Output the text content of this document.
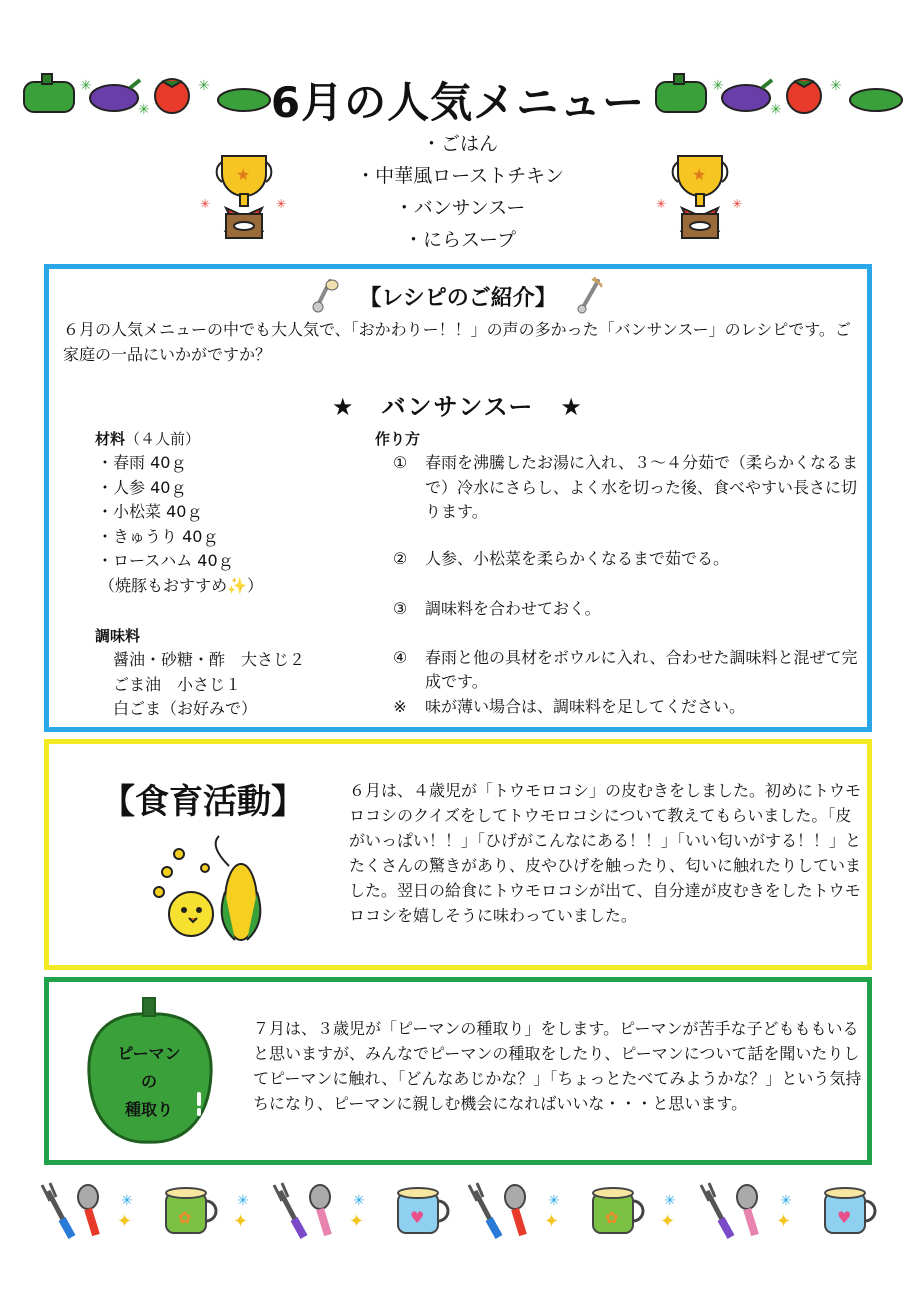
✳
✳
✳ 6月の人気メニュー	✳
✳
✳
・ごはん
・中華風ローストチキン
・バンサンスー
・にらスープ
★
✳	✳
★
✳	✳
【レシピのご紹介】
６月の人気メニューの中でも大人気で、「おかわりー！！」の声の多かった「バンサンスー」のレシピです。ご家庭の一品にいかがですか？
★　バンサンスー　★
材料（４人前）
・春雨 40ｇ
・人参 40ｇ
・小松菜 40ｇ
・きゅうり 40ｇ
・ロースハム 40ｇ
（焼豚もおすすめ✨）
調味料
醤油・砂糖・酢　大さじ２
ごま油　小さじ１
白ごま（お好みで）
作り方
①	春雨を沸騰したお湯に入れ、３〜４分茹で（柔らかくなるまで）冷水にさらし、よく水を切った後、食べやすい長さに切ります。
②	人参、小松菜を柔らかくなるまで茹でる。
③	調味料を合わせておく。
④	春雨と他の具材をボウルに入れ、合わせた調味料と混ぜて完成です。
※	味が薄い場合は、調味料を足してください。
【食育活動】	６月は、４歳児が「トウモロコシ」の皮むきをしました。初めにトウモロコシのクイズをしてトウモロコシについて教えてもらいました。「皮がいっぱい！！」「ひげがこんなにある！！」「いい匂いがする！！」とたくさんの驚きがあり、皮やひげを触ったり、匂いに触れたりしていました。翌日の給食にトウモロコシが出て、自分達が皮むきをしたトウモロコシを嬉しそうに味わっていました。
ピーマン
の
種取り
７月は、３歳児が「ピーマンの種取り」をします。ピーマンが苦手な子どもももいると思いますが、みんなでピーマンの種取をしたり、ピーマンについて話を聞いたりしてピーマンに触れ、「どんなあじかな？」「ちょっとたべてみようかな？」という気持ちになり、ピーマンに親しむ機会になればいいな・・・と思います。
✳
✦	✿
✳
✦
✳
✦	♥
✳
✦	✿
✳
✦
✳
✦	♥
